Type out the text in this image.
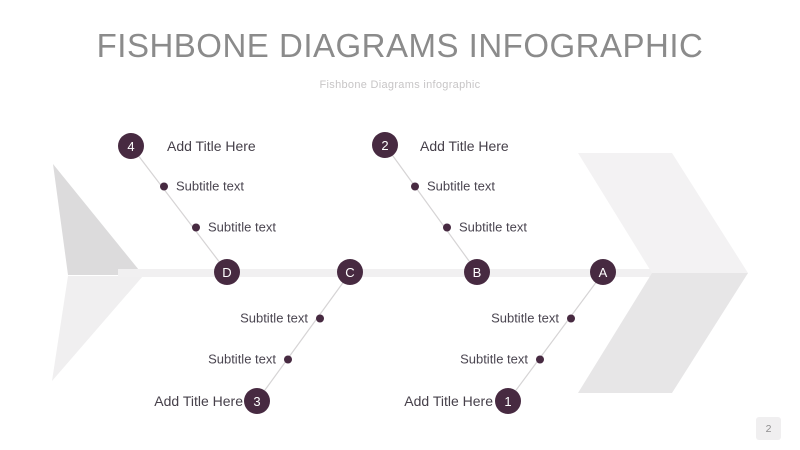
FISHBONE DIAGRAMS INFOGRAPHIC
Fishbone Diagrams infographic
D	C	B	A
4	2
3	1
Add Title Here
Subtitle text
Subtitle text
Add Title Here
Subtitle text
Subtitle text
Subtitle text
Subtitle text
Add Title Here
Subtitle text
Subtitle text
Add Title Here
2
